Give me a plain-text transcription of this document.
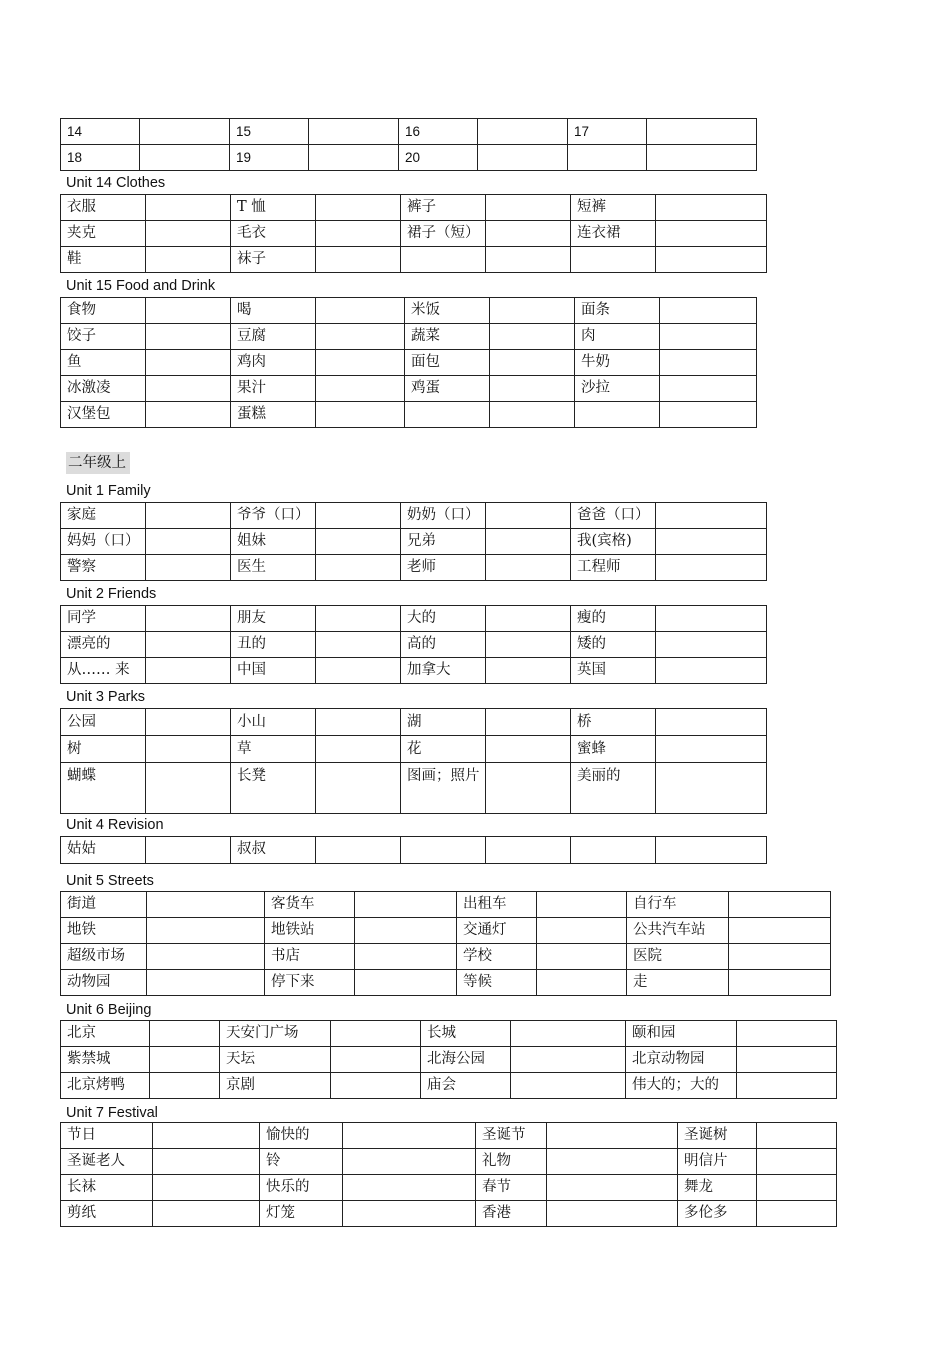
14		15		16		17	
18		19		20			
Unit 14 Clothes
衣服		T 恤		裤子		短裤	
夹克		毛衣		裙子（短）		连衣裙	
鞋		袜子					
Unit 15 Food and Drink
食物		喝		米饭		面条	
饺子		豆腐		蔬菜		肉	
鱼		鸡肉		面包		牛奶	
冰激凌		果汁		鸡蛋		沙拉	
汉堡包		蛋糕					
二年级上
Unit 1 Family
家庭		爷爷（口）		奶奶（口）		爸爸（口）	
妈妈（口）		姐妹		兄弟		我(宾格)	
警察		医生		老师		工程师	
Unit 2 Friends
同学		朋友		大的		瘦的	
漂亮的		丑的		高的		矮的	
从…… 来		中国		加拿大		英国	
Unit 3 Parks
公园		小山		湖		桥	
树		草		花		蜜蜂	
蝴蝶		长凳		图画；照片		美丽的	
Unit 4 Revision
姑姑		叔叔					
Unit 5 Streets
街道		客货车		出租车		自行车	
地铁		地铁站		交通灯		公共汽车站	
超级市场		书店		学校		医院	
动物园		停下来		等候		走	
Unit 6 Beijing
北京		天安门广场		长城		颐和园	
紫禁城		天坛		北海公园		北京动物园	
北京烤鸭		京剧		庙会		伟大的；大的	
Unit 7 Festival
节日		愉快的		圣诞节		圣诞树	
圣诞老人		铃		礼物		明信片	
长袜		快乐的		春节		舞龙	
剪纸		灯笼		香港		多伦多	
